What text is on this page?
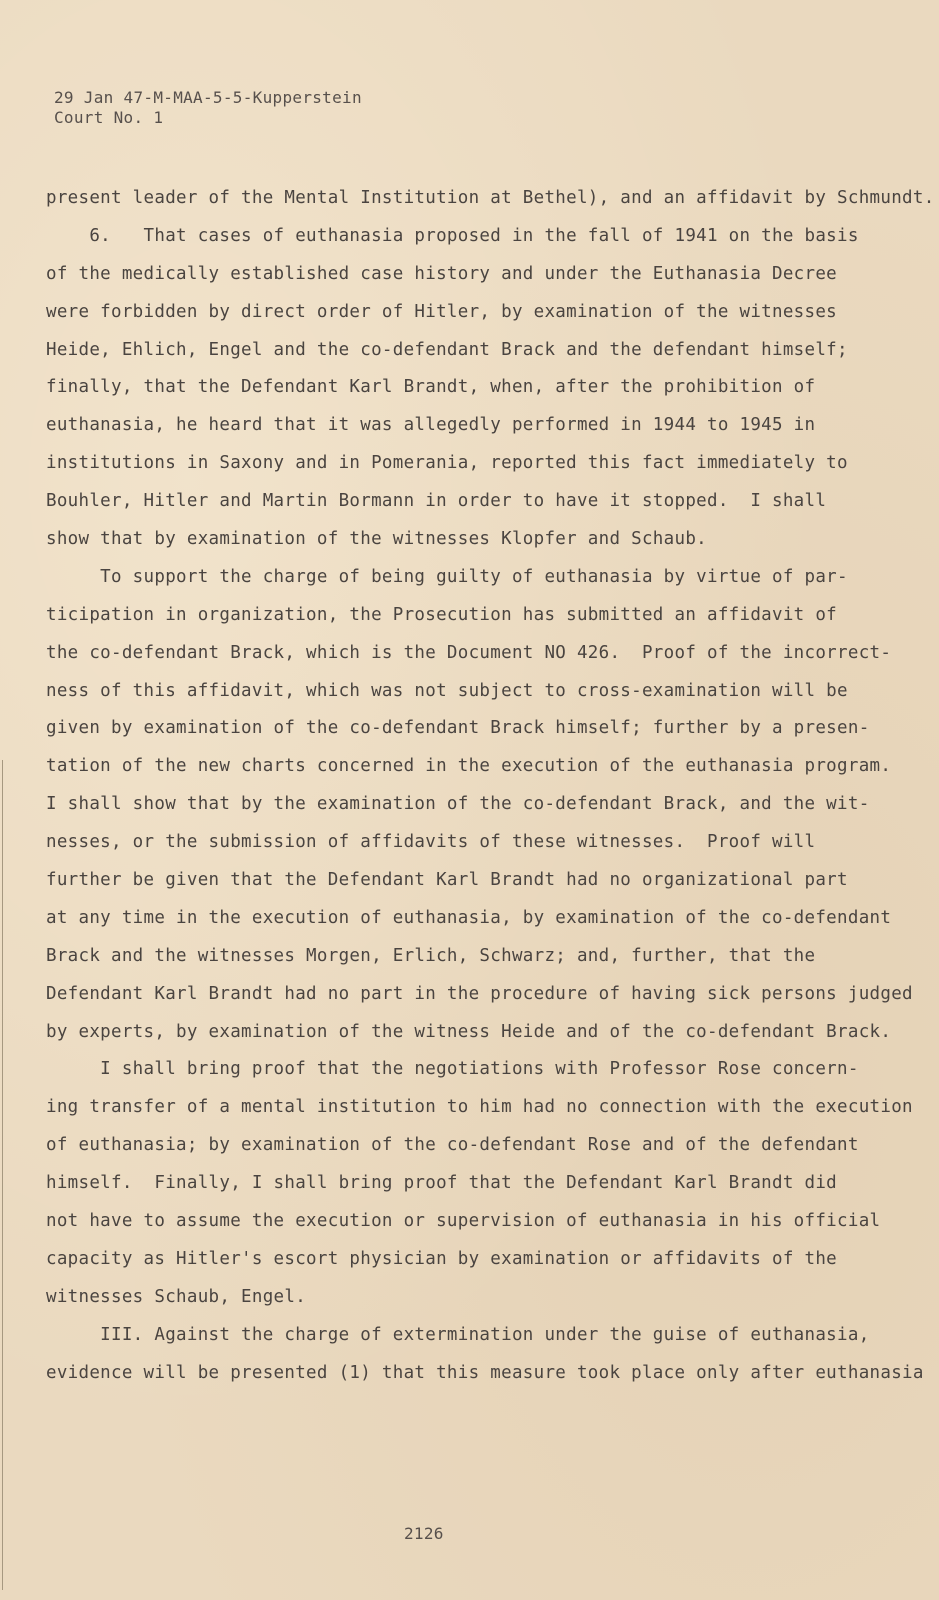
29 Jan 47-M-MAA-5-5-Kupperstein
Court No. 1
present leader of the Mental Institution at Bethel), and an affidavit by Schmundt.
6.   That cases of euthanasia proposed in the fall of 1941 on the basis
of the medically established case history and under the Euthanasia Decree
were forbidden by direct order of Hitler, by examination of the witnesses
Heide, Ehlich, Engel and the co-defendant Brack and the defendant himself;
finally, that the Defendant Karl Brandt, when, after the prohibition of
euthanasia, he heard that it was allegedly performed in 1944 to 1945 in
institutions in Saxony and in Pomerania, reported this fact immediately to
Bouhler, Hitler and Martin Bormann in order to have it stopped.  I shall
show that by examination of the witnesses Klopfer and Schaub.
To support the charge of being guilty of euthanasia by virtue of par-
ticipation in organization, the Prosecution has submitted an affidavit of
the co-defendant Brack, which is the Document NO 426.  Proof of the incorrect-
ness of this affidavit, which was not subject to cross-examination will be
given by examination of the co-defendant Brack himself; further by a presen-
tation of the new charts concerned in the execution of the euthanasia program.
I shall show that by the examination of the co-defendant Brack, and the wit-
nesses, or the submission of affidavits of these witnesses.  Proof will
further be given that the Defendant Karl Brandt had no organizational part
at any time in the execution of euthanasia, by examination of the co-defendant
Brack and the witnesses Morgen, Erlich, Schwarz; and, further, that the
Defendant Karl Brandt had no part in the procedure of having sick persons judged
by experts, by examination of the witness Heide and of the co-defendant Brack.
I shall bring proof that the negotiations with Professor Rose concern-
ing transfer of a mental institution to him had no connection with the execution
of euthanasia; by examination of the co-defendant Rose and of the defendant
himself.  Finally, I shall bring proof that the Defendant Karl Brandt did
not have to assume the execution or supervision of euthanasia in his official
capacity as Hitler's escort physician by examination or affidavits of the
witnesses Schaub, Engel.
III. Against the charge of extermination under the guise of euthanasia,
evidence will be presented (1) that this measure took place only after euthanasia
2126
